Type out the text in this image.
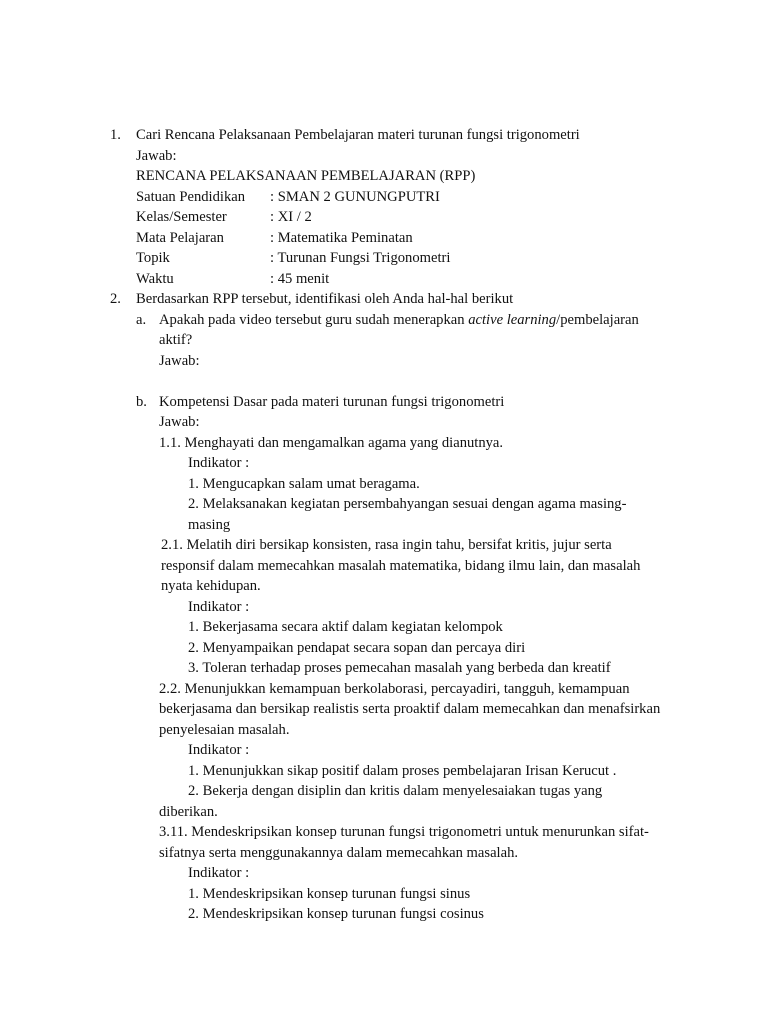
1. Cari Rencana Pelaksanaan Pembelajaran materi turunan fungsi trigonometri
Jawab:
RENCANA PELAKSANAAN PEMBELAJARAN (RPP)
Satuan Pendidikan : SMAN 2 GUNUNGPUTRI
Kelas/Semester	: XI / 2
Mata Pelajaran	: Matematika Peminatan
Topik	: Turunan Fungsi Trigonometri
Waktu	: 45 menit
2. Berdasarkan RPP tersebut, identifikasi oleh Anda hal-hal berikut
a. Apakah pada video tersebut guru sudah menerapkan active learning/pembelajaran
aktif?
Jawab:
b. Kompetensi Dasar pada materi turunan fungsi trigonometri
Jawab:
1.1. Menghayati dan mengamalkan agama yang dianutnya.
Indikator :
1. Mengucapkan salam umat beragama.
2. Melaksanakan kegiatan persembahyangan sesuai dengan agama masing-
masing
2.1. Melatih diri bersikap konsisten, rasa ingin tahu, bersifat kritis, jujur serta
responsif dalam memecahkan masalah matematika, bidang ilmu lain, dan masalah
nyata kehidupan.
Indikator :
1. Bekerjasama secara aktif dalam kegiatan kelompok
2. Menyampaikan pendapat secara sopan dan percaya diri
3. Toleran terhadap proses pemecahan masalah yang berbeda dan kreatif
2.2. Menunjukkan kemampuan berkolaborasi, percayadiri, tangguh, kemampuan
bekerjasama dan bersikap realistis serta proaktif dalam memecahkan dan menafsirkan
penyelesaian masalah.
Indikator :
1. Menunjukkan sikap positif dalam proses pembelajaran Irisan Kerucut .
2. Bekerja dengan disiplin dan kritis dalam menyelesaiakan tugas yang
diberikan.
3.11. Mendeskripsikan konsep turunan fungsi trigonometri untuk menurunkan sifat-
sifatnya serta menggunakannya dalam memecahkan masalah.
Indikator :
1. Mendeskripsikan konsep turunan fungsi sinus
2. Mendeskripsikan konsep turunan fungsi cosinus
